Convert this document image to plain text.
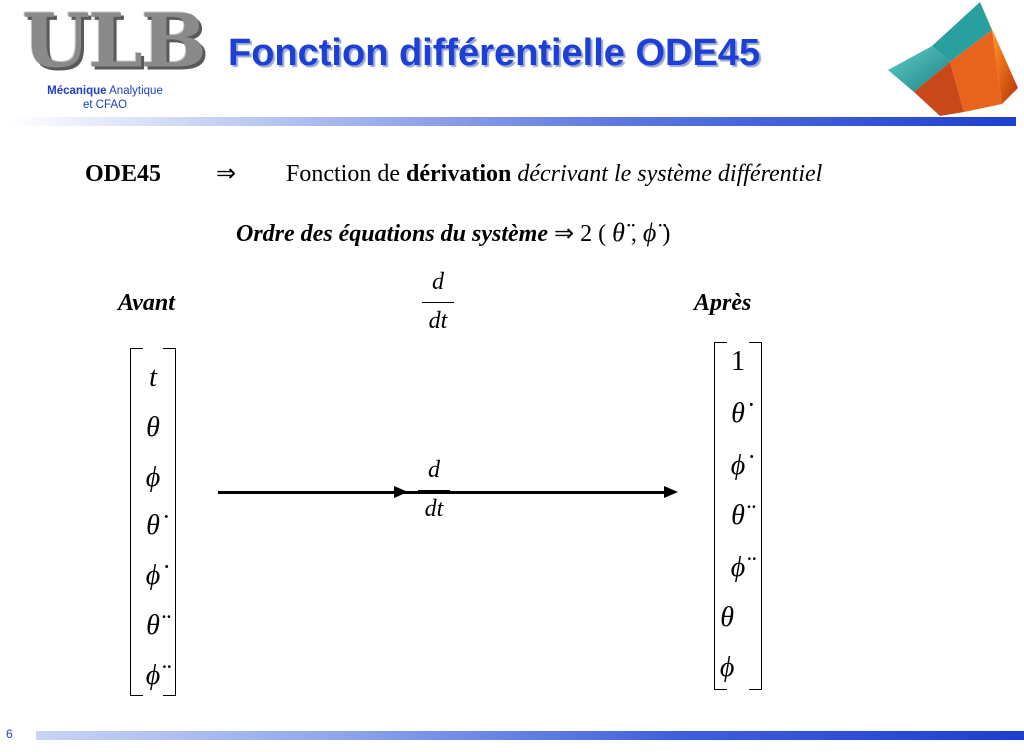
ULB
Mécanique Analytique
et CFAO
Fonction différentielle ODE45
ODE45 ⇒ Fonction de dérivation décrivant le système différentiel
Ordre des équations du système ⇒ 2 ( θ̈ , ϕ̈ )
Avant	Après
d
dt
d
dt
t
θ
ϕ
θ̇
ϕ̇
θ̈
ϕ̈
1
θ̇
ϕ̇
θ̈
ϕ̈
θ⃛
ϕ⃛
6
